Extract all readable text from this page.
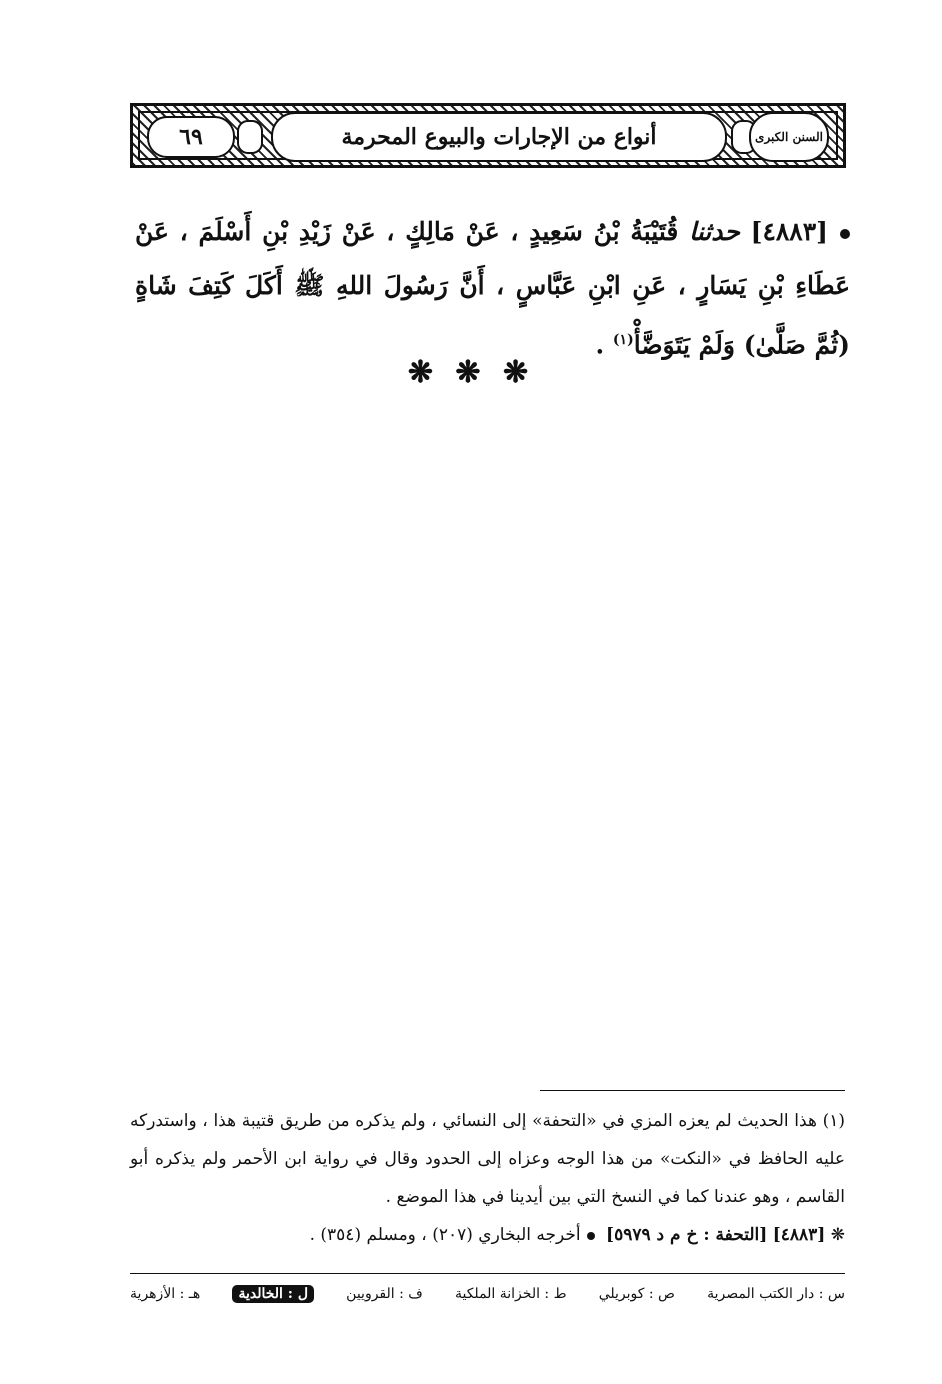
٦٩	أنواع من الإجارات والبيوع المحرمة	السنن الكبرى
[٤٨٨٣] حدثنا قُتَيْبَةُ بْنُ سَعِيدٍ ، عَنْ مَالِكٍ ، عَنْ زَيْدِ بْنِ أَسْلَمَ ، عَنْ عَطَاءِ بْنِ يَسَارٍ ، عَنِ ابْنِ عَبَّاسٍ ، أَنَّ رَسُولَ اللهِ ﷺ أَكَلَ كَتِفَ شَاةٍ (ثُمَّ صَلَّىٰ) وَلَمْ يَتَوَضَّأْ$^{(١)}$ .
❋ ❋ ❋

(١) هذا الحديث لم يعزه المزي في «التحفة» إلى النسائي ، ولم يذكره من طريق قتيبة هذا ، واستدركه عليه الحافظ في «النكت» من هذا الوجه وعزاه إلى الحدود وقال في رواية ابن الأحمر ولم يذكره أبو القاسم ، وهو عندنا كما في النسخ التي بين أيدينا في هذا الموضع .

❋ [٤٨٨٣] [التحفة : خ م د ٥٩٧٩] أخرجه البخاري (٢٠٧) ، ومسلم (٣٥٤) .

س : دار الكتب المصرية
ص : كوبريلي
ط : الخزانة الملكية
ف : القرويين
ل : الخالدية
هـ : الأزهرية
